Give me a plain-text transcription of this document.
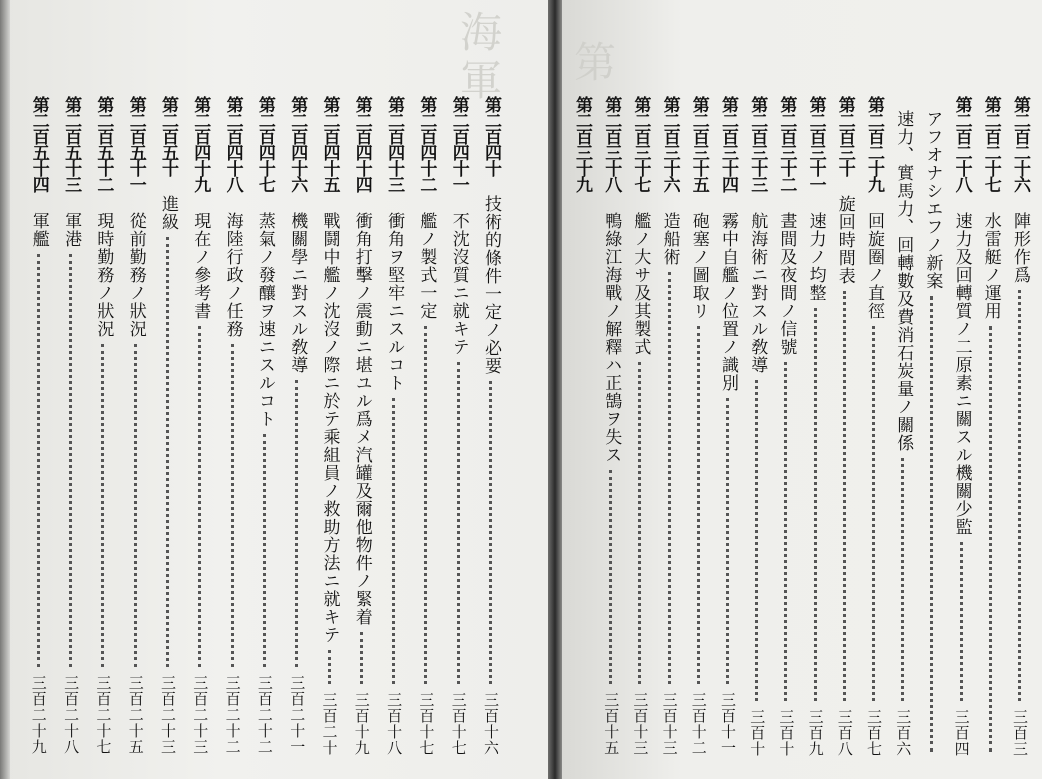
海軍
第二百四十
技術的條件一定ノ必要
三百十六
第二百四十一
不沈沒質ニ就キテ
三百十七
第二百四十二
艦ノ製式一定
三百十七
第二百四十三
衝角ヲ堅牢ニスルコト
三百十八
第二百四十四
衝角打擊ノ震動ニ堪ユル爲メ汽罐及爾他物件ノ緊着
三百十九
第二百四十五
戰鬪中艦ノ沈沒ノ際ニ於テ乘組員ノ救助方法ニ就キテ
三百二十
第二百四十六
機關學ニ對スル敎導
三百二十一
第二百四十七
蒸氣ノ發釀ヲ速ニスルコト
三百二十二
第二百四十八
海陸行政ノ任務
三百二十二
第二百四十九
現在ノ參考書
三百二十三
第二百五十
進級
三百二十三
第二百五十一
從前勤務ノ狀況
三百二十五
第二百五十二
現時勤務ノ狀況
三百二十七
第二百五十三
軍港
三百二十八
第二百五十四
軍艦
三百二十九
第
第二百二十六
陣形作爲
三百三
第二百二十七
水雷艇ノ運用
第二百二十八
速力及回轉質ノ二原素ニ關スル機關少監
三百四
アフオナシエフノ新案
速力、實馬力、回轉數及費消石炭量ノ關係
三百六
第二百二十九
回旋圈ノ直徑
三百七
第二百三十
旋回時間表
三百八
第二百三十一
速力ノ均整
三百九
第二百三十二
晝間及夜間ノ信號
三百十
第二百三十三
航海術ニ對スル敎導
三百十
第二百三十四
霧中自艦ノ位置ノ識別
三百十一
第二百三十五
砲塞ノ圖取リ
三百十二
第二百三十六
造船術
三百十三
第二百三十七
艦ノ大サ及其製式
三百十三
第二百三十八
鴨綠江海戰ノ解釋ハ正鵠ヲ失ス
三百十五
第二百三十九
